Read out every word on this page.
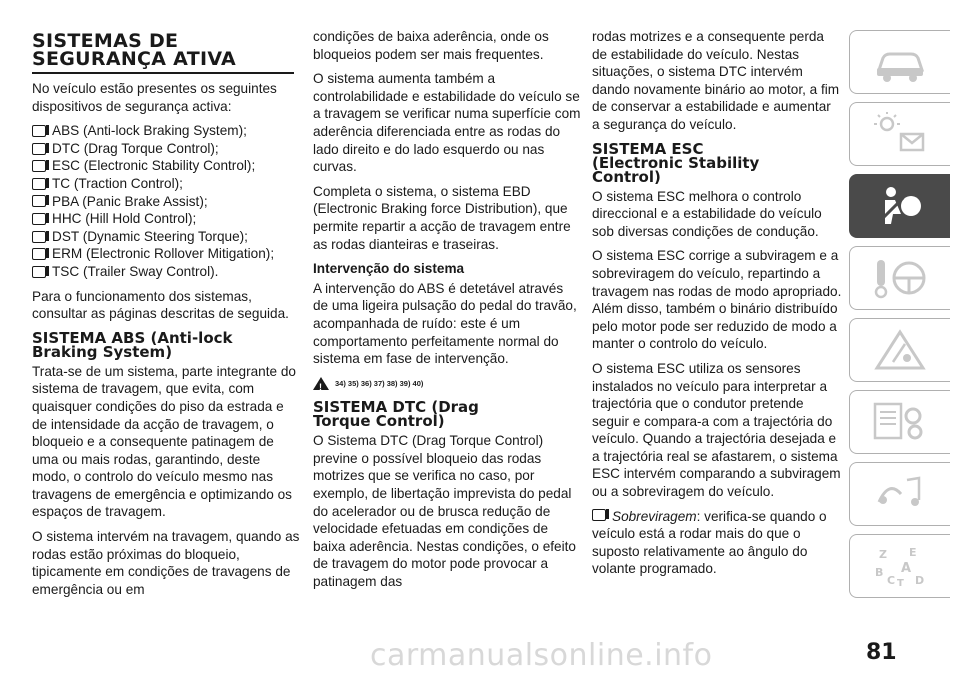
SISTEMAS DE
SEGURANÇA ATIVA

No veículo estão presentes os seguintes dispositivos de segurança activa:

ABS (Anti-lock Braking System);
DTC (Drag Torque Control);
ESC (Electronic Stability Control);
TC (Traction Control);
PBA (Panic Brake Assist);
HHC (Hill Hold Control);
DST (Dynamic Steering Torque);
ERM (Electronic Rollover Mitigation);
TSC (Trailer Sway Control).

Para o funcionamento dos sistemas, consultar as páginas descritas de seguida.

SISTEMA ABS (Anti-lock
Braking System)

Trata-se de um sistema, parte integrante do sistema de travagem, que evita, com quaisquer condições do piso da estrada e de intensidade da acção de travagem, o bloqueio e a consequente patinagem de uma ou mais rodas, garantindo, deste modo, o controlo do veículo mesmo nas travagens de emergência e optimizando os espaços de travagem.

O sistema intervém na travagem, quando as rodas estão próximas do bloqueio, tipicamente em condições de travagens de emergência ou em

condições de baixa aderência, onde os bloqueios podem ser mais frequentes.

O sistema aumenta também a controlabilidade e estabilidade do veículo se a travagem se verificar numa superfície com aderência diferenciada entre as rodas do lado direito e do lado esquerdo ou nas curvas.

Completa o sistema, o sistema EBD (Electronic Braking force Distribution), que permite repartir a acção de travagem entre as rodas dianteiras e traseiras.

Intervenção do sistema

A intervenção do ABS é detetável através de uma ligeira pulsação do pedal do travão, acompanhada de ruído: este é um comportamento perfeitamente normal do sistema em fase de intervenção.

!
34) 35) 36) 37) 38) 39) 40)
SISTEMA DTC (Drag
Torque Control)

O Sistema DTC (Drag Torque Control) previne o possível bloqueio das rodas motrizes que se verifica no caso, por exemplo, de libertação imprevista do pedal do acelerador ou de brusca redução de velocidade efetuadas em condições de baixa aderência. Nestas condições, o efeito de travagem do motor pode provocar a patinagem das

rodas motrizes e a consequente perda de estabilidade do veículo. Nestas situações, o sistema DTC intervém dando novamente binário ao motor, a fim de conservar a estabilidade e aumentar a segurança do veículo.

SISTEMA ESC
(Electronic Stability
Control)

O sistema ESC melhora o controlo direccional e a estabilidade do veículo sob diversas condições de condução.

O sistema ESC corrige a subviragem e a sobreviragem do veículo, repartindo a travagem nas rodas de modo apropriado. Além disso, também o binário distribuído pelo motor pode ser reduzido de modo a manter o controlo do veículo.

O sistema ESC utiliza os sensores instalados no veículo para interpretar a trajectória que o condutor pretende seguir e compara-a com a trajectória do veículo. Quando a trajectória desejada e a trajectória real se afastarem, o sistema ESC intervém comparando a subviragem ou a sobreviragem do veículo.

Sobreviragem: verifica-se quando o veículo está a rodar mais do que o suposto relativamente ao ângulo do volante programado.

Z E
A
B
C T D
carmanualsonline.info	81
